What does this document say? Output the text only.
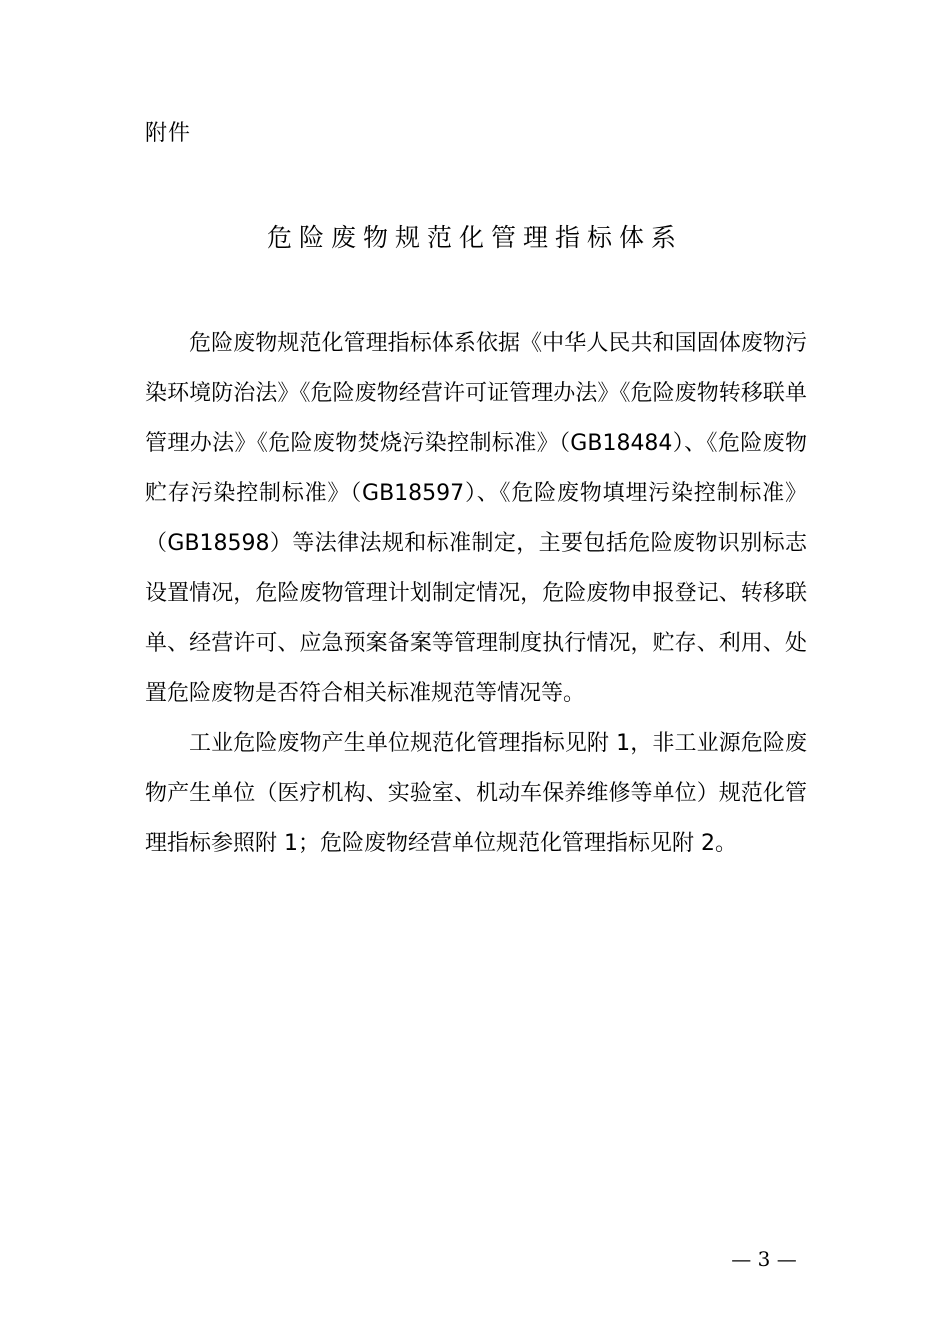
附件
危险废物规范化管理指标体系

危险废物规范化管理指标体系依据《中华人民共和国固体废物污染环境防治法》《危险废物经营许可证管理办法》《危险废物转移联单管理办法》《危险废物焚烧污染控制标准》（GB18484）、《危险废物贮存污染控制标准》（GB18597）、《危险废物填埋污染控制标准》（GB18598）等法律法规和标准制定，主要包括危险废物识别标志设置情况，危险废物管理计划制定情况，危险废物申报登记、转移联单、经营许可、应急预案备案等管理制度执行情况，贮存、利用、处置危险废物是否符合相关标准规范等情况等。

工业危险废物产生单位规范化管理指标见附 1，非工业源危险废物产生单位（医疗机构、实验室、机动车保养维修等单位）规范化管理指标参照附 1；危险废物经营单位规范化管理指标见附 2。

— 3 —
